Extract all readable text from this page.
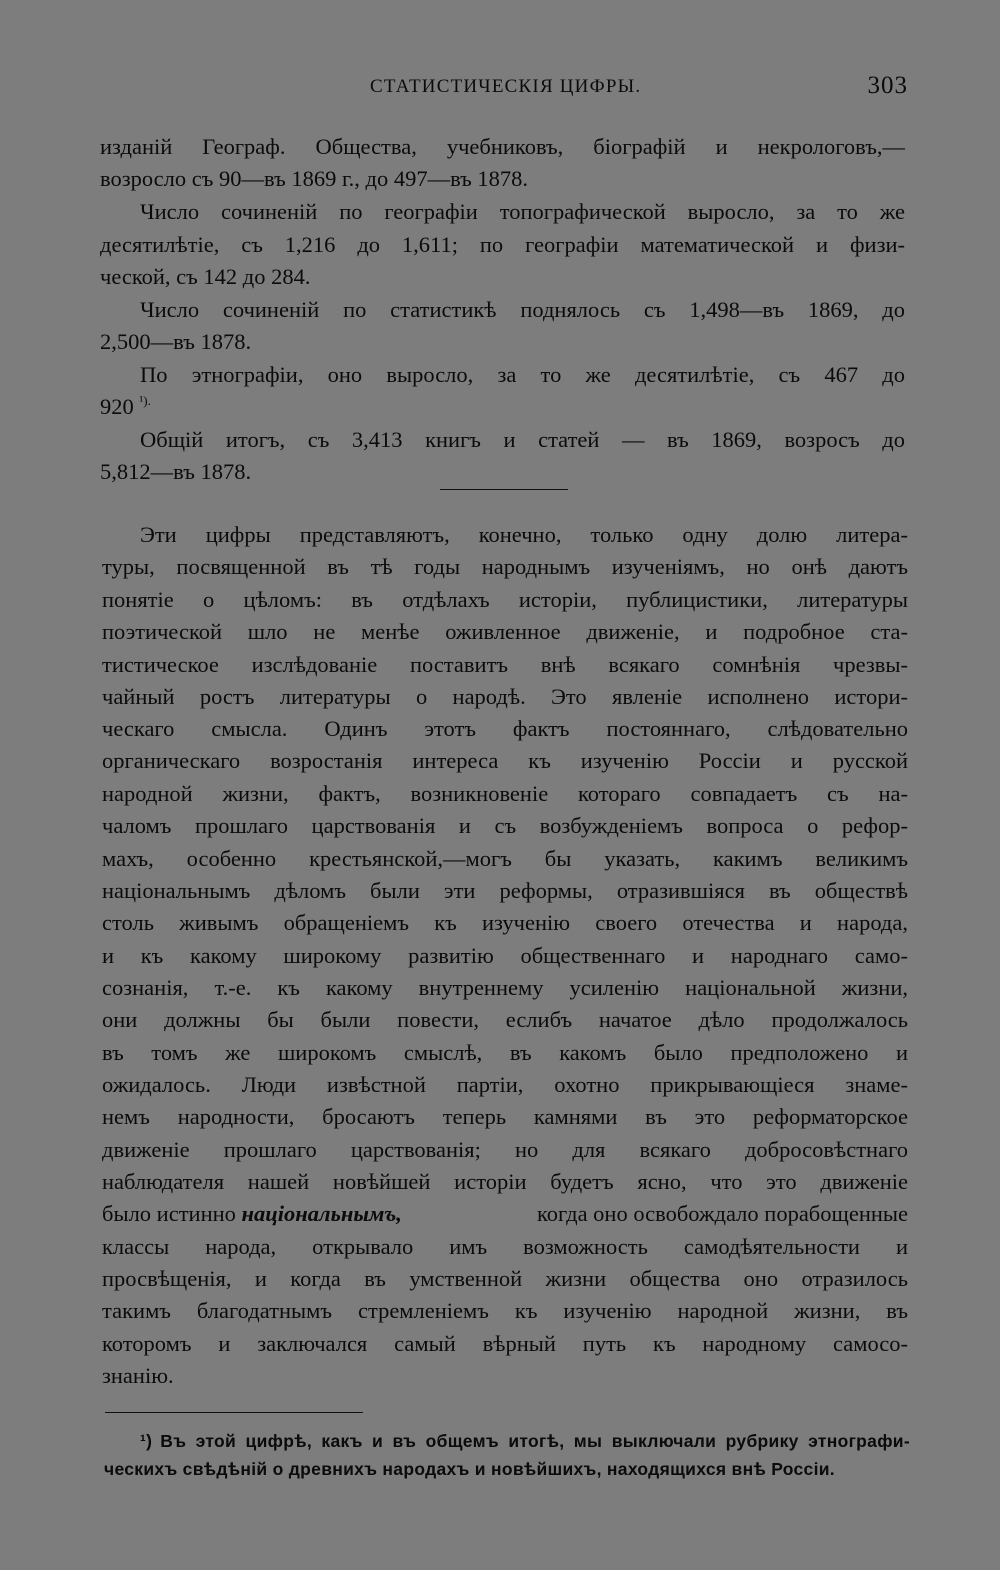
СТАТИСТИЧЕСКІЯ ЦИФРЫ.	303
изданій Географ. Общества, учебниковъ, біографій и некрологовъ,—
возросло съ 90—въ 1869 г., до 497—въ 1878.
Число сочиненій по географіи топографической выросло, за то же
десятилѣтіе, съ 1,216 до 1,611; по географіи математической и физи-
ческой, съ 142 до 284.
Число сочиненій по статистикѣ поднялось съ 1,498—въ 1869, до
2,500—въ 1878.
По этнографіи, оно выросло, за то же десятилѣтіе, съ 467 до
920 $^{^1).}$
Общій итогъ, съ 3,413 книгъ и статей — въ 1869, возросъ до
5,812—въ 1878.
Эти цифры представляютъ, конечно, только одну долю литера-
туры, посвященной въ тѣ годы народнымъ изученіямъ, но онѣ даютъ
понятіе о цѣломъ: въ отдѣлахъ исторіи, публицистики, литературы
поэтической шло не менѣе оживленное движеніе, и подробное ста-
тистическое изслѣдованіе поставитъ внѣ всякаго сомнѣнія чрезвы-
чайный ростъ литературы о народѣ. Это явленіе исполнено истори-
ческаго смысла. Одинъ этотъ фактъ постояннаго, слѣдовательно
органическаго возростанія интереса къ изученію Россіи и русской
народной жизни, фактъ, возникновеніе котораго совпадаетъ съ на-
чаломъ прошлаго царствованія и съ возбужденіемъ вопроса о рефор-
махъ, особенно крестьянской,—могъ бы указать, какимъ великимъ
національнымъ дѣломъ были эти реформы, отразившіяся въ обществѣ
столь живымъ обращеніемъ къ изученію своего отечества и народа,
и къ какому широкому развитію общественнаго и народнаго само-
сознанія, т.-е. къ какому внутреннему усиленію національной жизни,
они должны бы были повести, еслибъ начатое дѣло продолжалось
въ томъ же широкомъ смыслѣ, въ какомъ было предположено и
ожидалось. Люди извѣстной партіи, охотно прикрывающіеся знаме-
немъ народности, бросаютъ теперь камнями въ это реформаторское
движеніе прошлаго царствованія; но для всякаго добросовѣстнаго
наблюдателя нашей новѣйшей исторіи будетъ ясно, что это движеніе
было истинно національнымъ,	когда оно освобождало порабощенные
классы народа, открывало имъ возможность самодѣятельности и
просвѣщенія, и когда въ умственной жизни общества оно отразилось
такимъ благодатнымъ стремленіемъ къ изученію народной жизни, въ
которомъ и заключался самый вѣрный путь къ народному самосо-
знанію.
¹) Въ этой цифрѣ, какъ и въ общемъ итогѣ, мы выключали рубрику этнографи-
ческихъ свѣдѣній о древнихъ народахъ и новѣйшихъ, находящихся внѣ Россіи.
